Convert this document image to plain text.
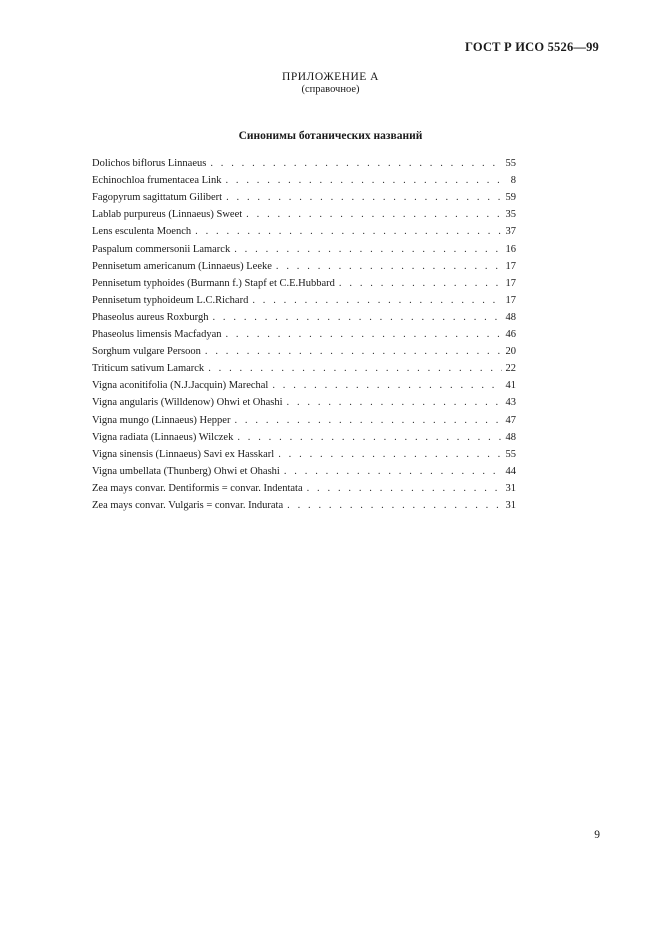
ГОСТ Р ИСО 5526—99
ПРИЛОЖЕНИЕ А
(справочное)
Синонимы ботанических названий
Dolichos biflorus Linnaeus . . .	55
Echinochloa frumentacea Link . . .	8
Fagopyrum sagittatum Gilibert . . .	59
Lablab purpureus (Linnaeus) Sweet . . .	35
Lens esculenta Moench . . .	37
Paspalum commersonii Lamarck . . .	16
Pennisetum americanum (Linnaeus) Leeke . . .	17
Pennisetum typhoides (Burmann f.) Stapf et C.E.Hubbard . . .	17
Pennisetum typhoideum L.C.Richard . . .	17
Phaseolus aureus Roxburgh . . .	48
Phaseolus limensis Macfadyan . . .	46
Sorghum vulgare Persoon . . .	20
Triticum sativum Lamarck . . .	22
Vigna aconitifolia (N.J.Jacquin) Marechal . . .	41
Vigna angularis (Willdenow) Ohwi et Ohashi . . .	43
Vigna mungo (Linnaeus) Hepper . . .	47
Vigna radiata (Linnaeus) Wilczek . . .	48
Vigna sinensis (Linnaeus) Savi ex Hasskarl . . .	55
Vigna umbellata (Thunberg) Ohwi et Ohashi . . .	44
Zea mays convar. Dentiformis = convar. Indentata . . .	31
Zea mays convar. Vulgaris = convar. Indurata . . .	31
9
